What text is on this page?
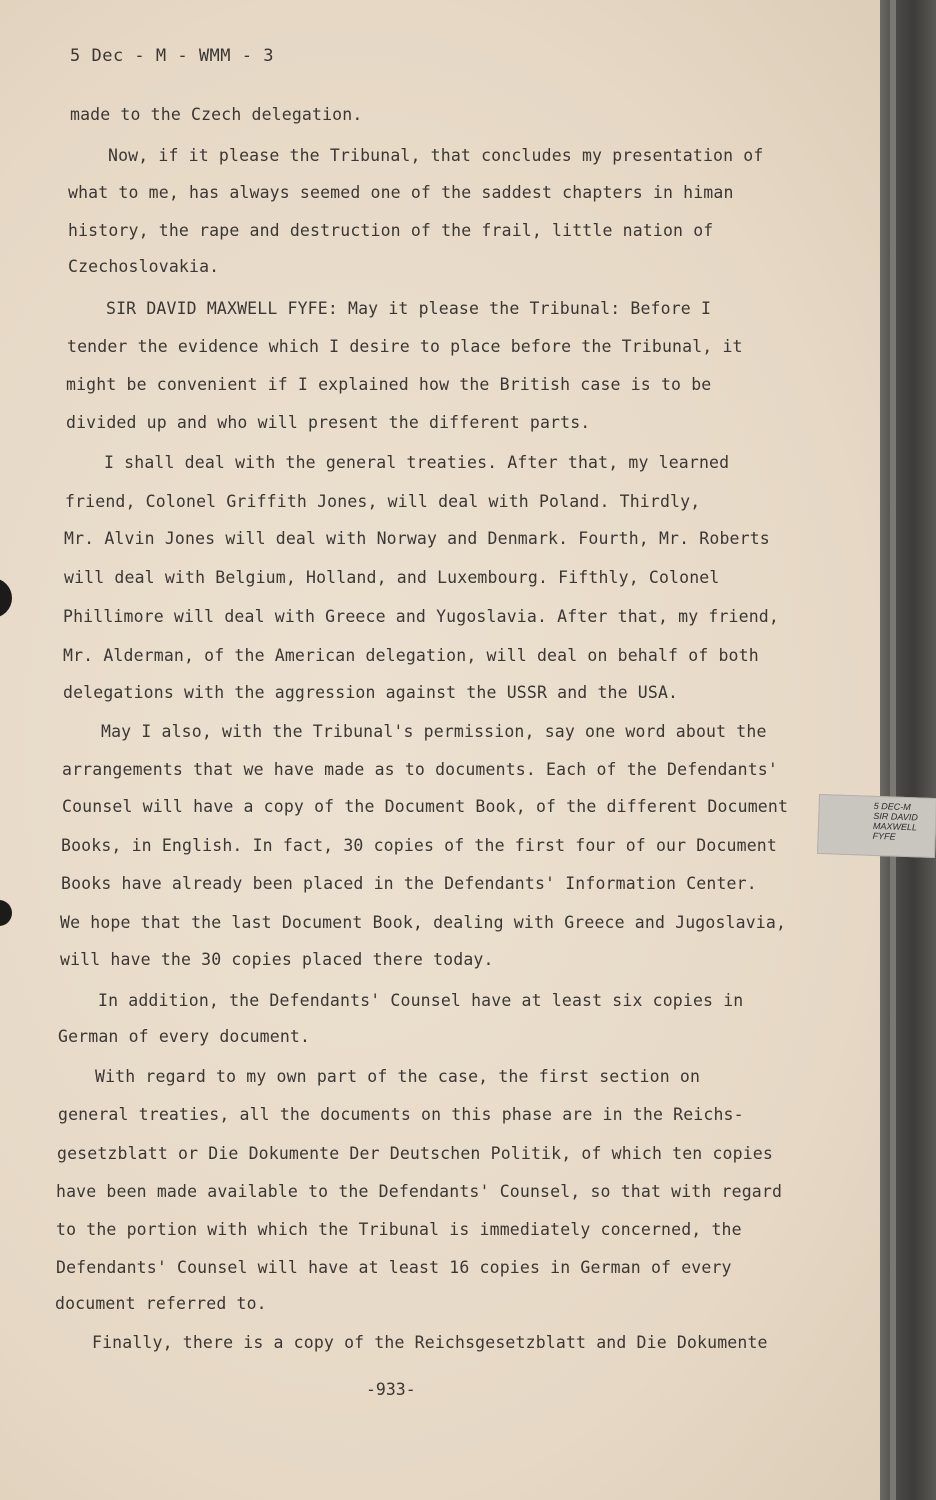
5 Dec - M - WMM - 3
made to the Czech delegation.
Now, if it please the Tribunal, that concludes my presentation of
what to me, has always seemed one of the saddest chapters in himan
history, the rape and destruction of the frail, little nation of
Czechoslovakia.
SIR DAVID MAXWELL FYFE: May it please the Tribunal: Before I
tender the evidence which I desire to place before the Tribunal, it
might be convenient if I explained how the British case is to be
divided up and who will present the different parts.
I shall deal with the general treaties. After that, my learned
friend, Colonel Griffith Jones, will deal with Poland. Thirdly,
Mr. Alvin Jones will deal with Norway and Denmark. Fourth, Mr. Roberts
will deal with Belgium, Holland, and Luxembourg. Fifthly, Colonel
Phillimore will deal with Greece and Yugoslavia. After that, my friend,
Mr. Alderman, of the American delegation, will deal on behalf of both
delegations with the aggression against the USSR and the USA.
May I also, with the Tribunal's permission, say one word about the
arrangements that we have made as to documents. Each of the Defendants'
Counsel will have a copy of the Document Book, of the different Document
Books, in English. In fact, 30 copies of the first four of our Document
Books have already been placed in the Defendants' Information Center.
We hope that the last Document Book, dealing with Greece and Jugoslavia,
will have the 30 copies placed there today.
In addition, the Defendants' Counsel have at least six copies in
German of every document.
With regard to my own part of the case, the first section on
general treaties, all the documents on this phase are in the Reichs-
gesetzblatt or Die Dokumente Der Deutschen Politik, of which ten copies
have been made available to the Defendants' Counsel, so that with regard
to the portion with which the Tribunal is immediately concerned, the
Defendants' Counsel will have at least 16 copies in German of every
document referred to.
Finally, there is a copy of the Reichsgesetzblatt and Die Dokumente
-933-
5 DEC-M
SIR DAVID
MAXWELL
FYFE
